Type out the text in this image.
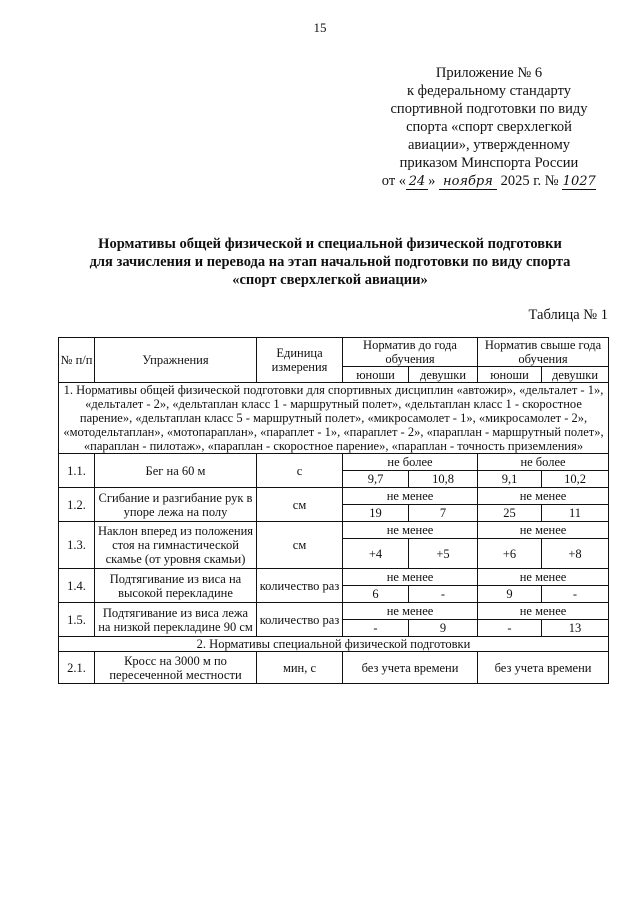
15
Приложение № 6
к федеральному стандарту
спортивной подготовки по виду
спорта «спорт сверхлегкой
авиации», утвержденному
приказом Минспорта России
от « 24 » ноября 2025 г. № 1027
Нормативы общей физической и специальной физической подготовки
для зачисления и перевода на этап начальной подготовки по виду спорта
«спорт сверхлегкой авиации»
Таблица № 1
№ п/п	Упражнения	Единица измерения	Норматив до года обучения		Норматив свыше года обучения	
			юноши	девушки	юноши	девушки
1. Нормативы общей физической подготовки для спортивных дисциплин «автожир», «дельталет - 1», «дельталет - 2», «дельтаплан класс 1 - маршрутный полет», «дельтаплан класс 1 - скоростное парение», «дельтаплан класс 5 - маршрутный полет», «микросамолет - 1», «микросамолет - 2», «мотодельтаплан», «мотопараплан», «параплет - 1», «параплет - 2», «параплан - маршрутный полет», «параплан - пилотаж», «параплан - скоростное парение», «параплан - точность приземления»						
1.1.	Бег на 60 м	с	не более		не более	
			9,7	10,8	9,1	10,2
1.2.	Сгибание и разгибание рук в упоре лежа на полу	см	не менее		не менее	
			19	7	25	11
1.3.	Наклон вперед из положения стоя на гимнастической скамье (от уровня скамьи)	см	не менее		не менее	
			+4	+5	+6	+8
1.4.	Подтягивание из виса на высокой перекладине	количество раз	не менее		не менее	
			6	-	9	-
1.5.	Подтягивание из виса лежа на низкой перекладине 90 см	количество раз	не менее		не менее	
			-	9	-	13
2. Нормативы специальной физической подготовки						
2.1.	Кросс на 3000 м по пересеченной местности	мин, с	без учета времени		без учета времени	
